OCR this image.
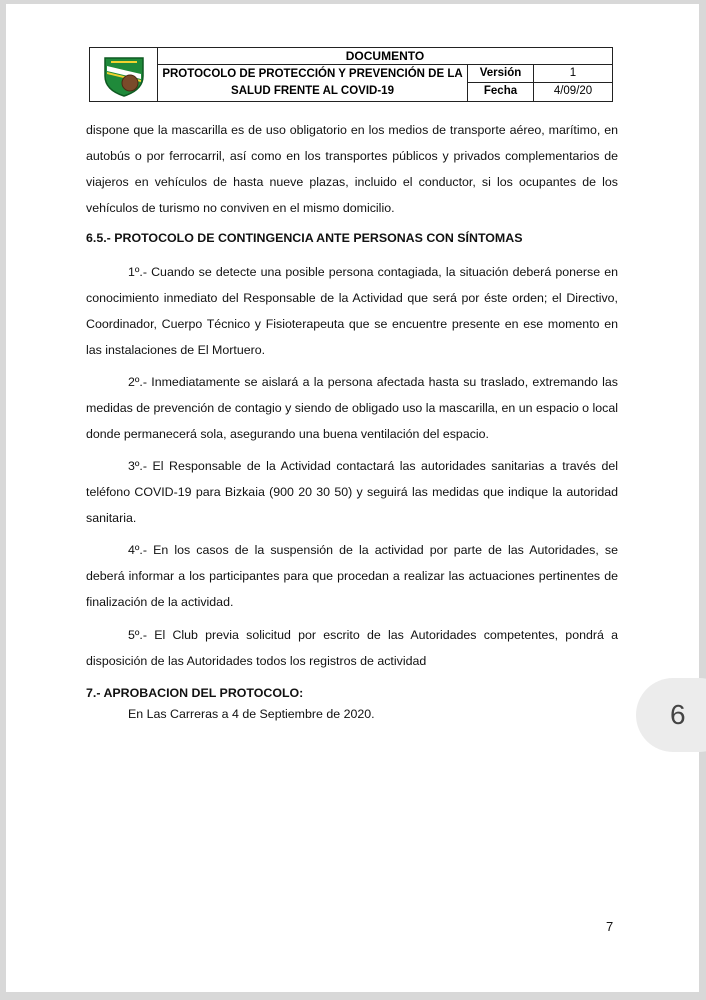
DOCUMENTO
PROTOCOLO DE PROTECCIÓN Y PREVENCIÓN DE LA
SALUD FRENTE AL COVID-19
Versión	1
Fecha	4/09/20

dispone que la mascarilla es de uso obligatorio en los medios de transporte aéreo, marítimo, en autobús o por ferrocarril, así como en los transportes públicos y privados complementarios de viajeros en vehículos de hasta nueve plazas, incluido el conductor, si los ocupantes de los vehículos de turismo no conviven en el mismo domicilio.

6.5.- PROTOCOLO DE CONTINGENCIA ANTE PERSONAS CON SÍNTOMAS

1º.- Cuando se detecte una posible persona contagiada, la situación deberá ponerse en conocimiento inmediato del Responsable de la Actividad que será por éste orden; el Directivo, Coordinador, Cuerpo Técnico y Fisioterapeuta que se encuentre presente en ese momento en las instalaciones de El Mortuero.

2º.- Inmediatamente se aislará a la persona afectada hasta su traslado, extremando las medidas de prevención de contagio y siendo de obligado uso la mascarilla, en un espacio o local donde permanecerá sola, asegurando una buena ventilación del espacio.

3º.- El Responsable de la Actividad contactará las autoridades sanitarias a través del teléfono COVID-19 para Bizkaia (900 20 30 50) y seguirá las medidas que indique la autoridad sanitaria.

4º.- En los casos de la suspensión de la actividad por parte de las Autoridades, se deberá informar a los participantes para que procedan a realizar las actuaciones pertinentes de finalización de la actividad.

5º.- El Club previa solicitud por escrito de las Autoridades competentes, pondrá a disposición de las Autoridades todos los registros de actividad

7.- APROBACION DEL PROTOCOLO:
En Las Carreras a 4 de Septiembre de 2020.	6
7
